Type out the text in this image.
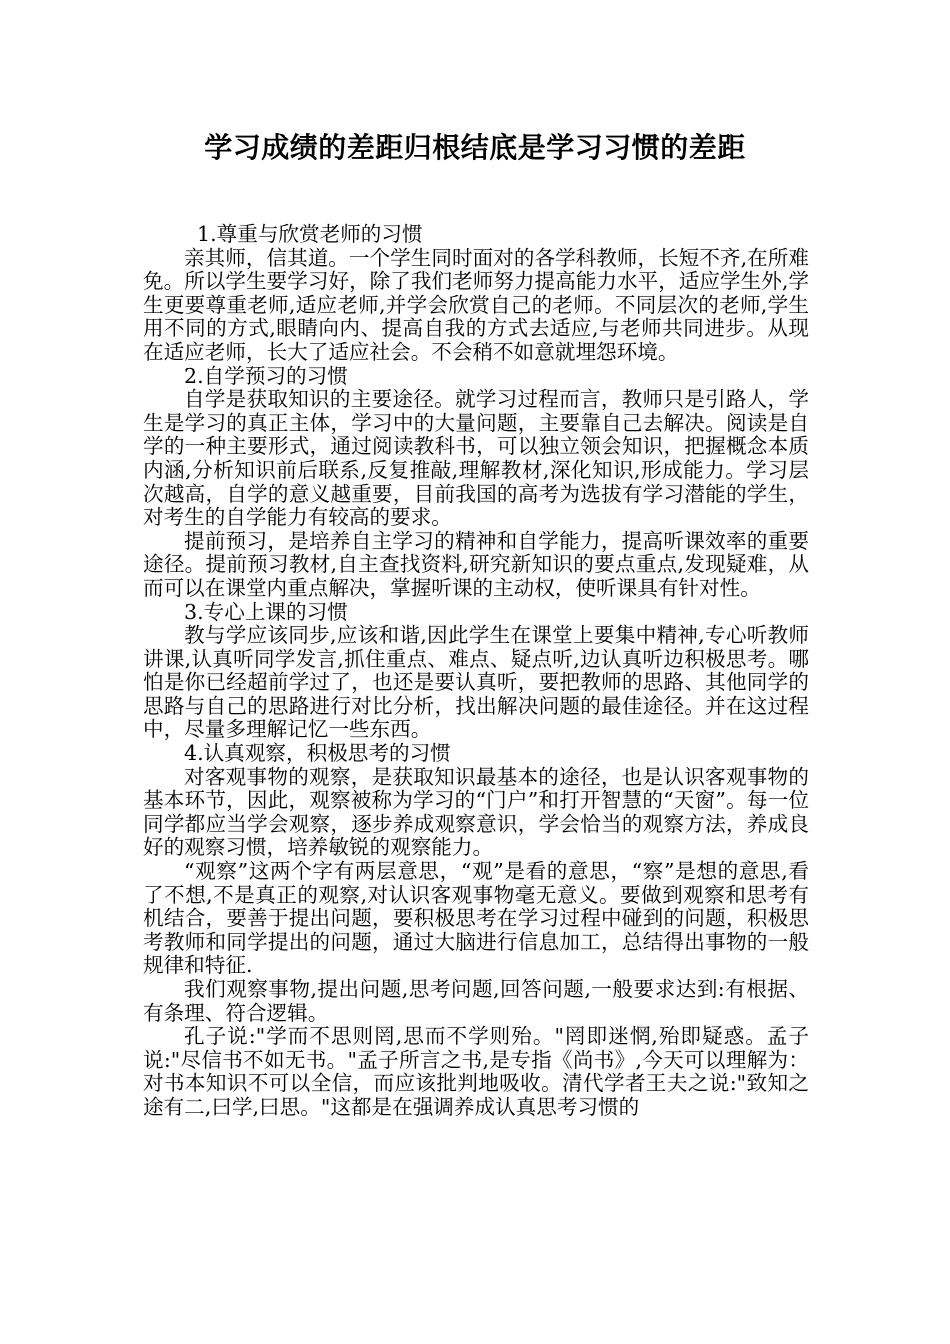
学习成绩的差距归根结底是学习习惯的差距

1.尊重与欣赏老师的习惯

亲其师，信其道。一个学生同时面对的各学科教师，长短不齐,在所难免。所以学生要学习好，除了我们老师努力提高能力水平，适应学生外,学生更要尊重老师,适应老师,并学会欣赏自己的老师。不同层次的老师,学生用不同的方式,眼睛向内、提高自我的方式去适应,与老师共同进步。从现在适应老师，长大了适应社会。不会稍不如意就埋怨环境。

2.自学预习的习惯

自学是获取知识的主要途径。就学习过程而言，教师只是引路人，学生是学习的真正主体，学习中的大量问题，主要靠自己去解决。阅读是自学的一种主要形式，通过阅读教科书，可以独立领会知识，把握概念本质内涵,分析知识前后联系,反复推敲,理解教材,深化知识,形成能力。学习层次越高，自学的意义越重要，目前我国的高考为选拔有学习潜能的学生，对考生的自学能力有较高的要求。

提前预习，是培养自主学习的精神和自学能力，提高听课效率的重要途径。提前预习教材,自主查找资料,研究新知识的要点重点,发现疑难，从而可以在课堂内重点解决，掌握听课的主动权，使听课具有针对性。

3.专心上课的习惯

教与学应该同步,应该和谐,因此学生在课堂上要集中精神,专心听教师讲课,认真听同学发言,抓住重点、难点、疑点听,边认真听边积极思考。哪怕是你已经超前学过了，也还是要认真听，要把教师的思路、其他同学的思路与自己的思路进行对比分析，找出解决问题的最佳途径。并在这过程中，尽量多理解记忆一些东西。

4.认真观察，积极思考的习惯

对客观事物的观察，是获取知识最基本的途径，也是认识客观事物的基本环节，因此，观察被称为学习的“门户”和打开智慧的“天窗”。每一位同学都应当学会观察，逐步养成观察意识，学会恰当的观察方法，养成良好的观察习惯，培养敏锐的观察能力。

“观察”这两个字有两层意思，“观”是看的意思，“察”是想的意思,看了不想,不是真正的观察,对认识客观事物毫无意义。要做到观察和思考有机结合，要善于提出问题，要积极思考在学习过程中碰到的问题，积极思考教师和同学提出的问题，通过大脑进行信息加工，总结得出事物的一般规律和特征.

我们观察事物,提出问题,思考问题,回答问题,一般要求达到:有根据、有条理、符合逻辑。

孔子说:"学而不思则罔,思而不学则殆。"罔即迷惘,殆即疑惑。孟子说:"尽信书不如无书。"孟子所言之书,是专指《尚书》,今天可以理解为：对书本知识不可以全信，而应该批判地吸收。清代学者王夫之说:"致知之途有二,曰学,曰思。"这都是在强调养成认真思考习惯的
